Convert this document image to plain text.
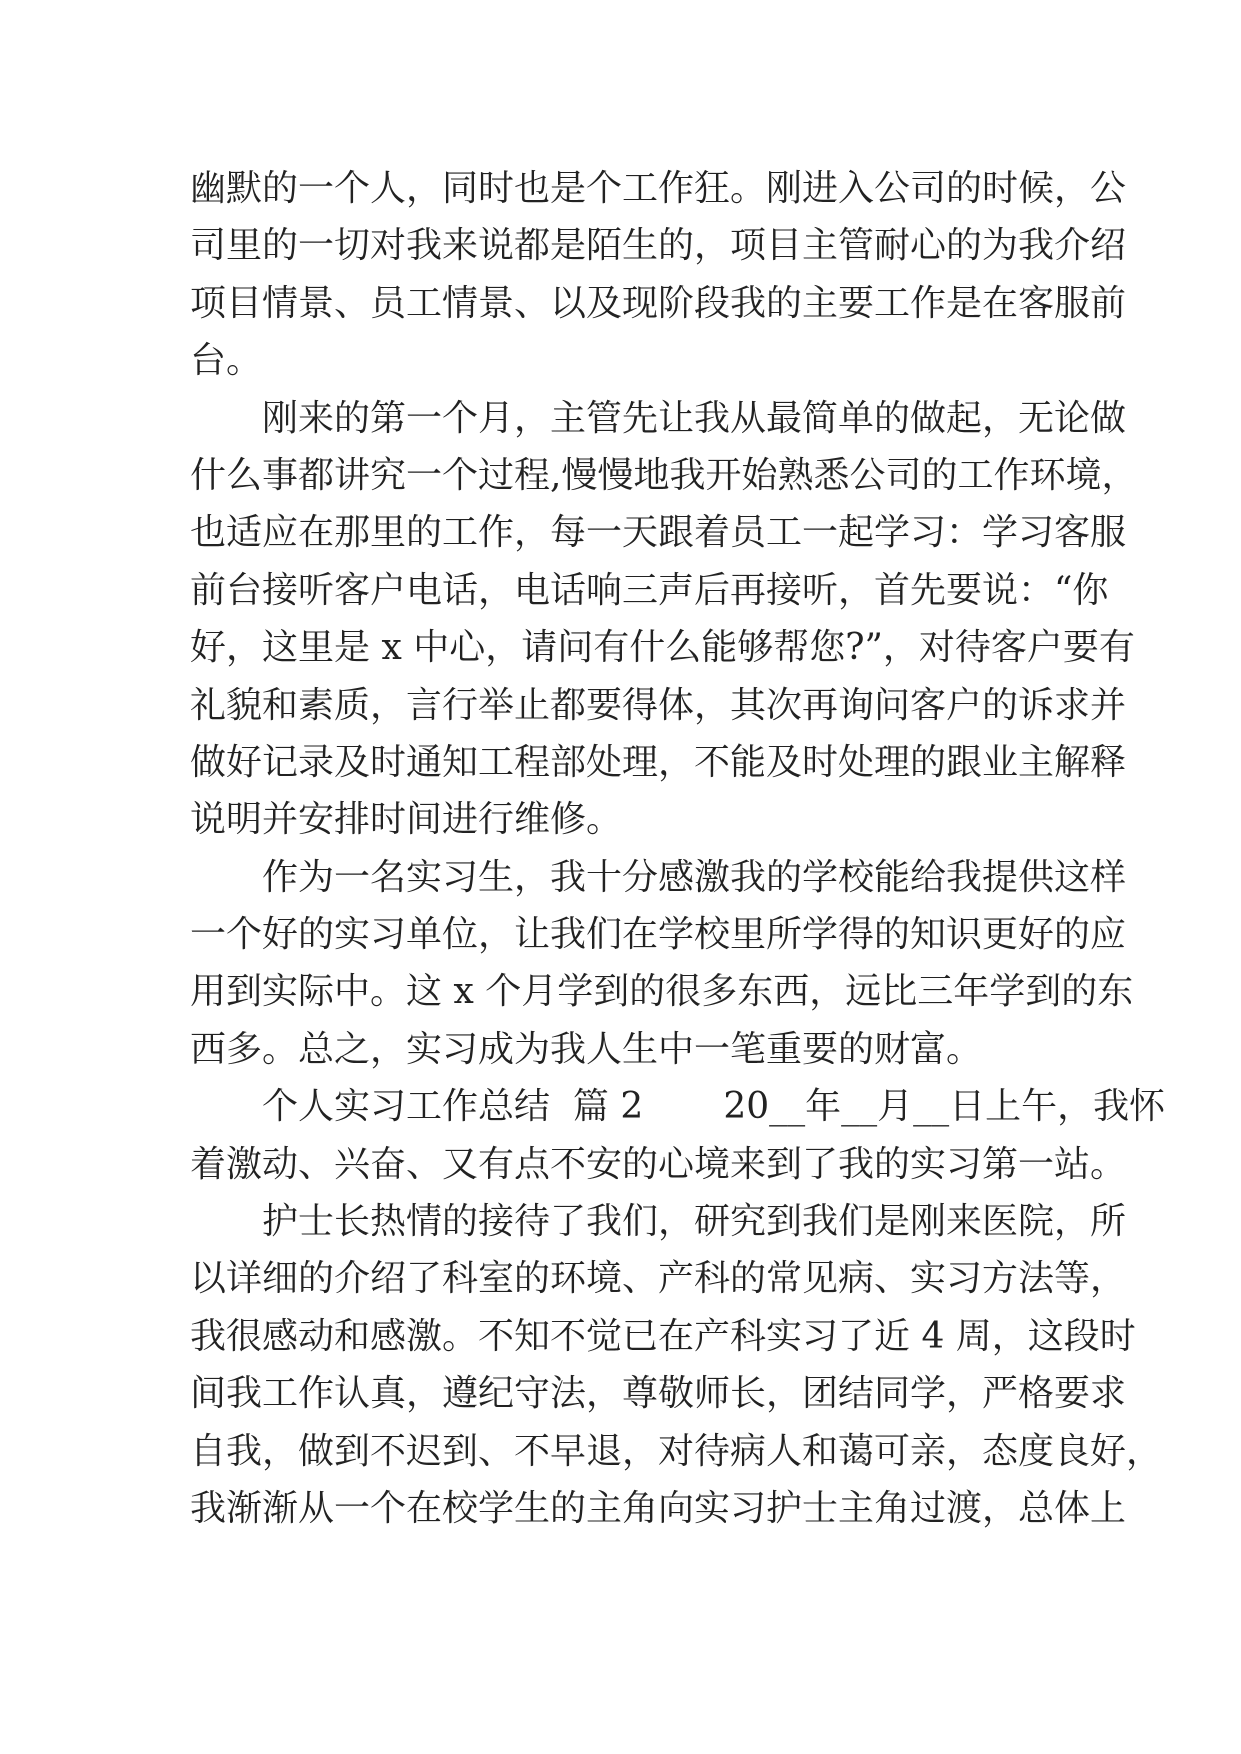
幽默的一个人，同时也是个工作狂。刚进入公司的时候，公
司里的一切对我来说都是陌生的，项目主管耐心的为我介绍
项目情景、员工情景、以及现阶段我的主要工作是在客服前
台。
刚来的第一个月，主管先让我从最简单的做起，无论做
什么事都讲究一个过程,慢慢地我开始熟悉公司的工作环境，
也适应在那里的工作，每一天跟着员工一起学习：学习客服
前台接听客户电话，电话响三声后再接听，首先要说：“你
好，这里是 x 中心，请问有什么能够帮您?”，对待客户要有
礼貌和素质，言行举止都要得体，其次再询问客户的诉求并
做好记录及时通知工程部处理，不能及时处理的跟业主解释
说明并安排时间进行维修。
作为一名实习生，我十分感激我的学校能给我提供这样
一个好的实习单位，让我们在学校里所学得的知识更好的应
用到实际中。这 x 个月学到的很多东西，远比三年学到的东
西多。总之，实习成为我人生中一笔重要的财富。
个人实习工作总结  篇 2       20__年__月__日上午，我怀
着激动、兴奋、又有点不安的心境来到了我的实习第一站。
护士长热情的接待了我们，研究到我们是刚来医院，所
以详细的介绍了科室的环境、产科的常见病、实习方法等，
我很感动和感激。不知不觉已在产科实习了近 4 周，这段时
间我工作认真，遵纪守法，尊敬师长，团结同学，严格要求
自我，做到不迟到、不早退，对待病人和蔼可亲，态度良好，
我渐渐从一个在校学生的主角向实习护士主角过渡，总体上
